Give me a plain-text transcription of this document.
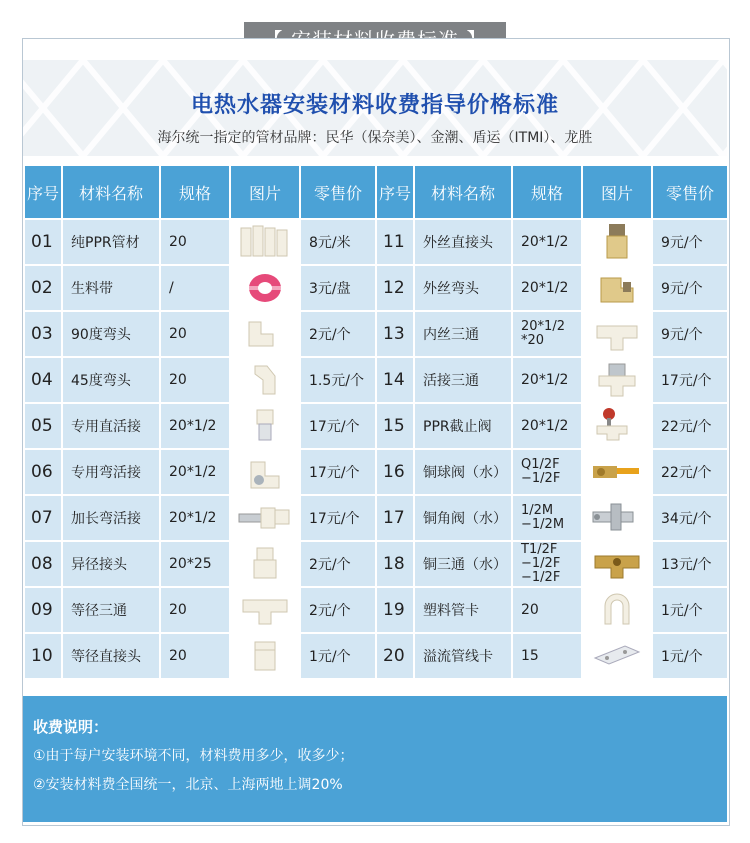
电热水器安装材料收费指导价格标准
海尔统一指定的管材品牌：民华（保奈美）、金潮、盾运（ITMI）、龙胜
序号	材料名称	规格	图片	零售价	序号	材料名称	规格	图片	零售价
01	纯PPR管材	20		8元/米	11	外丝直接头	20*1/2		9元/个
02	生料带	/		3元/盘	12	外丝弯头	20*1/2		9元/个
03	90度弯头	20		2元/个	13	内丝三通	20*1/2 *20		9元/个
04	45度弯头	20		1.5元/个	14	活接三通	20*1/2		17元/个
05	专用直活接	20*1/2		17元/个	15	PPR截止阀	20*1/2		22元/个
06	专用弯活接	20*1/2		17元/个	16	铜球阀（水）	Q1/2F −1/2F		22元/个
07	加长弯活接	20*1/2		17元/个	17	铜角阀（水）	1/2M −1/2M		34元/个
08	异径接头	20*25		2元/个	18	铜三通（水）	T1/2F −1/2F −1/2F		13元/个
09	等径三通	20		2元/个	19	塑料管卡	20		1元/个
10	等径直接头	20		1元/个	20	溢流管线卡	15		1元/个
收费说明：
①由于每户安装环境不同，材料费用多少，收多少；
②安装材料费全国统一，北京、上海两地上调20%
